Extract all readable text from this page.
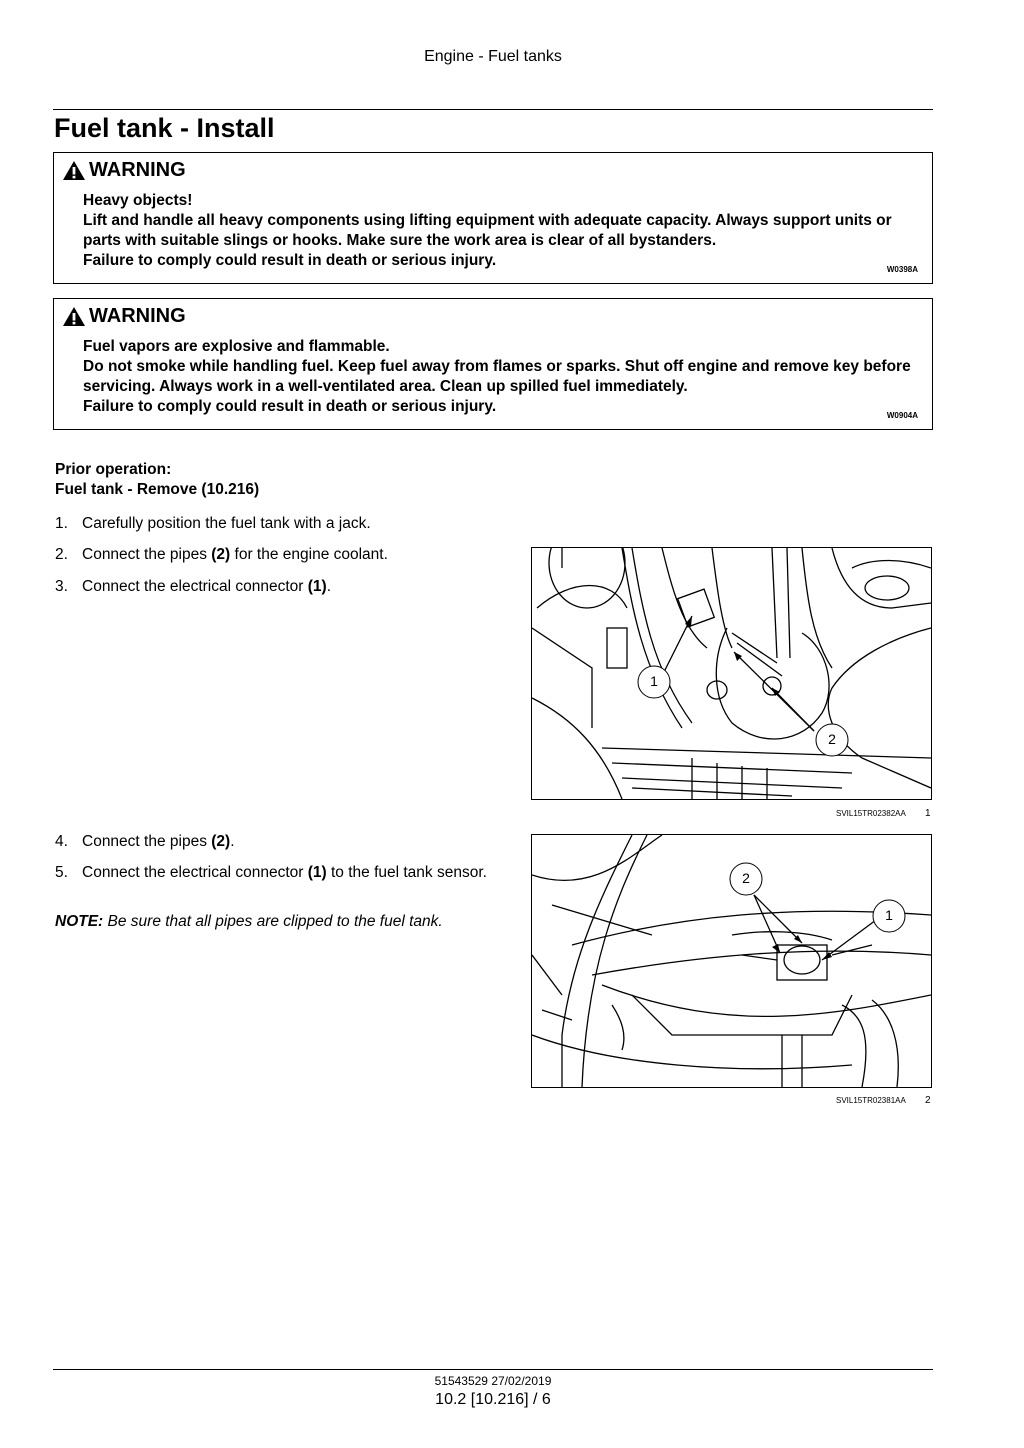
Engine - Fuel tanks
Fuel tank - Install
WARNING
Heavy objects!
Lift and handle all heavy components using lifting equipment with adequate capacity. Always support units or parts with suitable slings or hooks. Make sure the work area is clear of all bystanders.
Failure to comply could result in death or serious injury.
W0398A
WARNING
Fuel vapors are explosive and flammable.
Do not smoke while handling fuel. Keep fuel away from flames or sparks. Shut off engine and remove key before servicing. Always work in a well-ventilated area. Clean up spilled fuel immediately.
Failure to comply could result in death or serious injury.
W0904A
Prior operation:
Fuel tank - Remove (10.216)
1. Carefully position the fuel tank with a jack.
2. Connect the pipes (2) for the engine coolant.
3. Connect the electrical connector (1).
4. Connect the pipes (2).
5. Connect the electrical connector (1) to the fuel tank sensor.
NOTE: Be sure that all pipes are clipped to the fuel tank.
1
2
SVIL15TR02382AA 1
2
1
SVIL15TR02381AA 2
51543529 27/02/2019
10.2 [10.216] / 6
